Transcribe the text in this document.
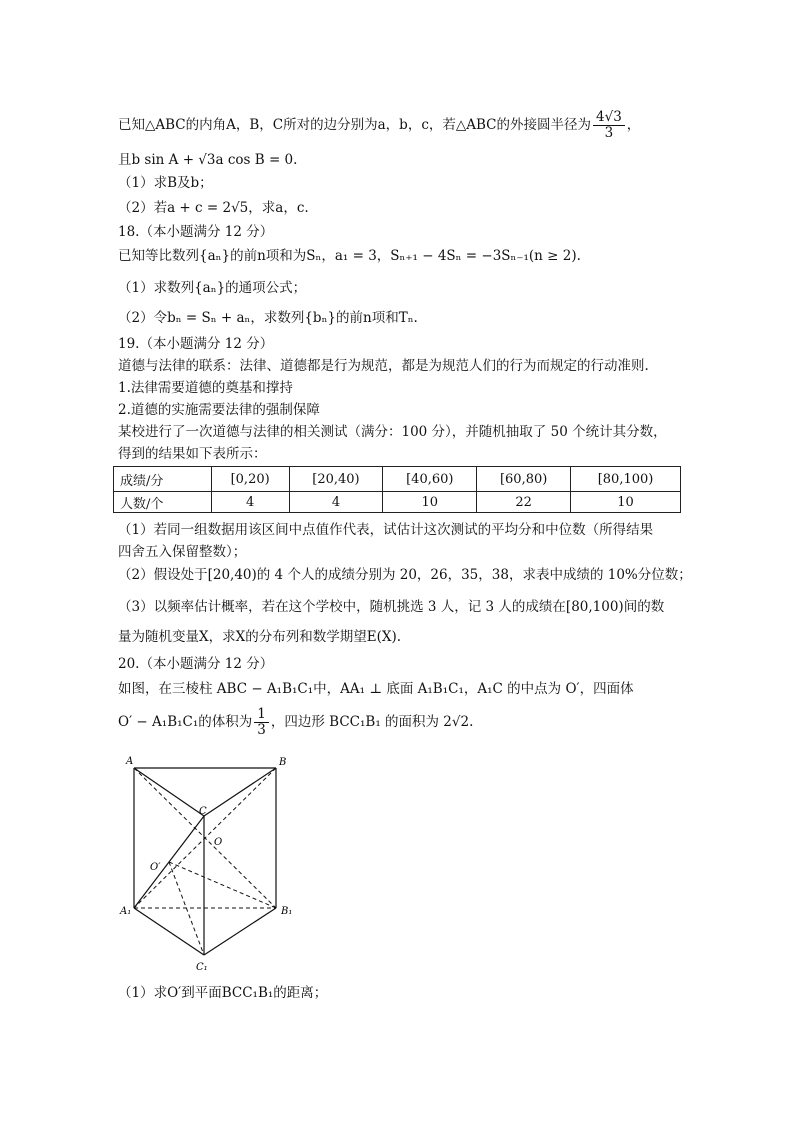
已知△ABC的内角A，B，C所对的边分别为a，b，c，若△ABC的外接圆半径为 $\frac{4√3}{3}$ ，
且b sin A + √3a cos B = 0.
（1）求B及b；
（2）若a + c = 2√5，求a，c.
18.（本小题满分 12 分）
已知等比数列{aₙ}的前n项和为Sₙ，a₁ = 3，Sₙ₊₁ − 4Sₙ = −3Sₙ₋₁(n ≥ 2).
（1）求数列{aₙ}的通项公式；
（2）令bₙ = Sₙ + aₙ，求数列{bₙ}的前n项和Tₙ.
19.（本小题满分 12 分）
道德与法律的联系：法律、道德都是行为规范，都是为规范人们的行为而规定的行动准则.
1.法律需要道德的奠基和撑持
2.道德的实施需要法律的强制保障
某校进行了一次道德与法律的相关测试（满分：100 分），并随机抽取了 50 个统计其分数，
得到的结果如下表所示：
成绩/分	[0,20)	[20,40)	[40,60)	[60,80)	[80,100)
人数/个	4	4	10	22	10
（1）若同一组数据用该区间中点值作代表，试估计这次测试的平均分和中位数（所得结果
四舍五入保留整数）；
（2）假设处于[20,40)的 4 个人的成绩分别为 20，26，35，38，求表中成绩的 10%分位数；
（3）以频率估计概率，若在这个学校中，随机挑选 3 人，记 3 人的成绩在[80,100)间的数
量为随机变量X，求X的分布列和数学期望E(X).
20.（本小题满分 12 分）
如图，在三棱柱 ABC − A₁B₁C₁中，AA₁ ⊥ 底面 A₁B₁C₁，A₁C 的中点为 O′，四面体
O′ − A₁B₁C₁的体积为 $\frac{1}{3}$ ，四边形 BCC₁B₁ 的面积为 2√2.
A	B
C
O
O′
A₁	B₁
C₁
（1）求O′到平面BCC₁B₁的距离；
